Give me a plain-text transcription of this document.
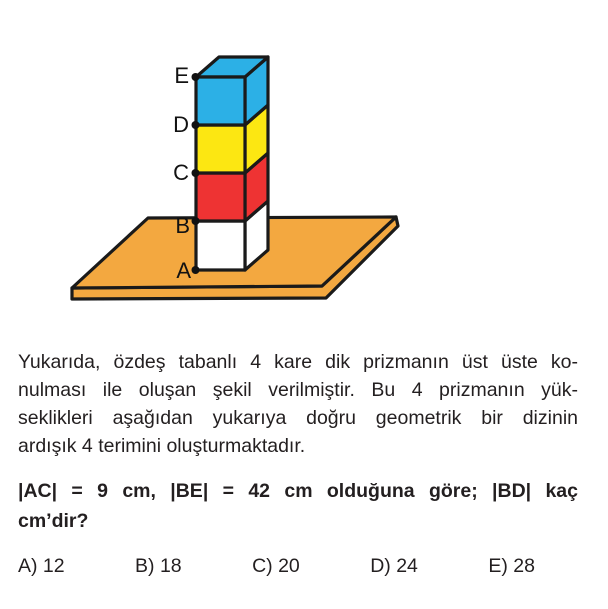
E
D
C
B
A
Yukarıda, özdeş tabanlı 4 kare dik prizmanın üst üste ko-
nulması ile oluşan şekil verilmiştir. Bu 4 prizmanın yük-
seklikleri aşağıdan yukarıya doğru geometrik bir dizinin
ardışık 4 terimini oluşturmaktadır.
|AC| = 9 cm, |BE| = 42 cm olduğuna göre; |BD| kaç
cm’dir?
A) 12	B) 18	C) 20	D) 24	E) 28
